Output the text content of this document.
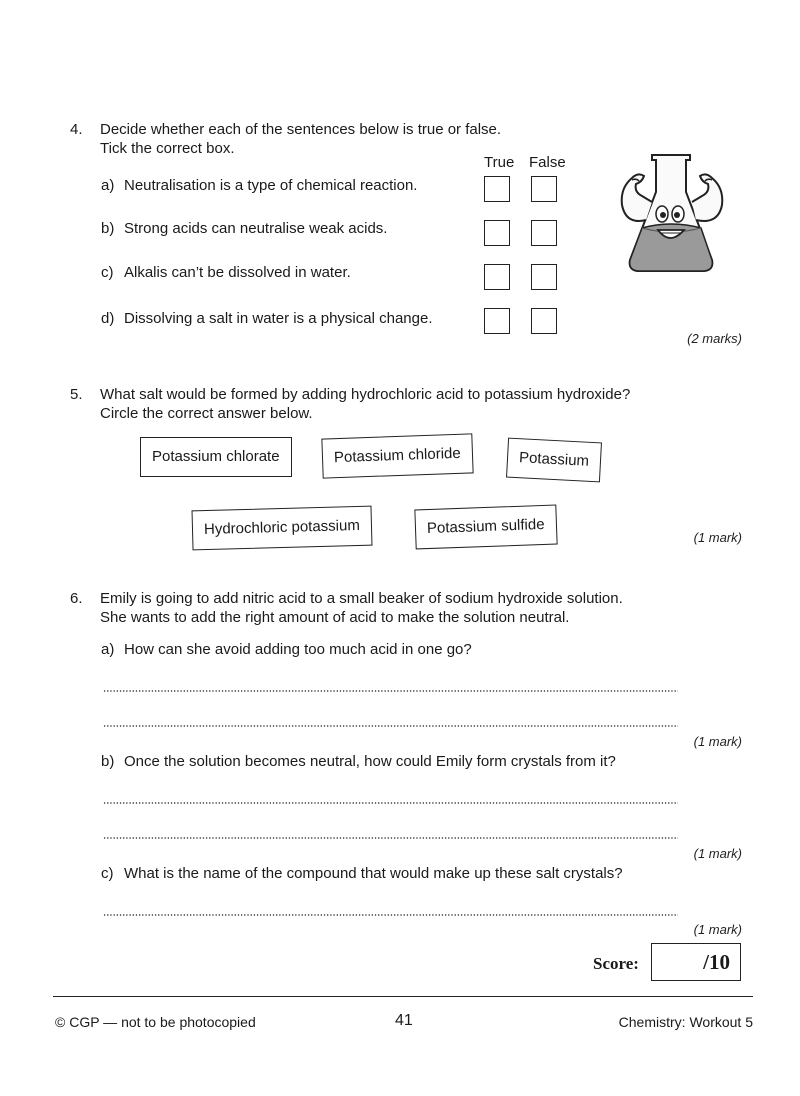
4. Decide whether each of the sentences below is true or false.
Tick the correct box.
True False
a) Neutralisation is a type of chemical reaction.
b) Strong acids can neutralise weak acids.
c) Alkalis can’t be dissolved in water.
d) Dissolving a salt in water is a physical change.
(2 marks)
5. What salt would be formed by adding hydrochloric acid to potassium hydroxide?
Circle the correct answer below.
Potassium chlorate	Potassium chloride	Potassium
Hydrochloric potassium	Potassium sulfide
(1 mark)
6. Emily is going to add nitric acid to a small beaker of sodium hydroxide solution.
She wants to add the right amount of acid to make the solution neutral.
a) How can she avoid adding too much acid in one go?
(1 mark)
b) Once the solution becomes neutral, how could Emily form crystals from it?
(1 mark)
c) What is the name of the compound that would make up these salt crystals?
(1 mark)
Score:	/10
© CGP — not to be photocopied	41	Chemistry: Workout 5
